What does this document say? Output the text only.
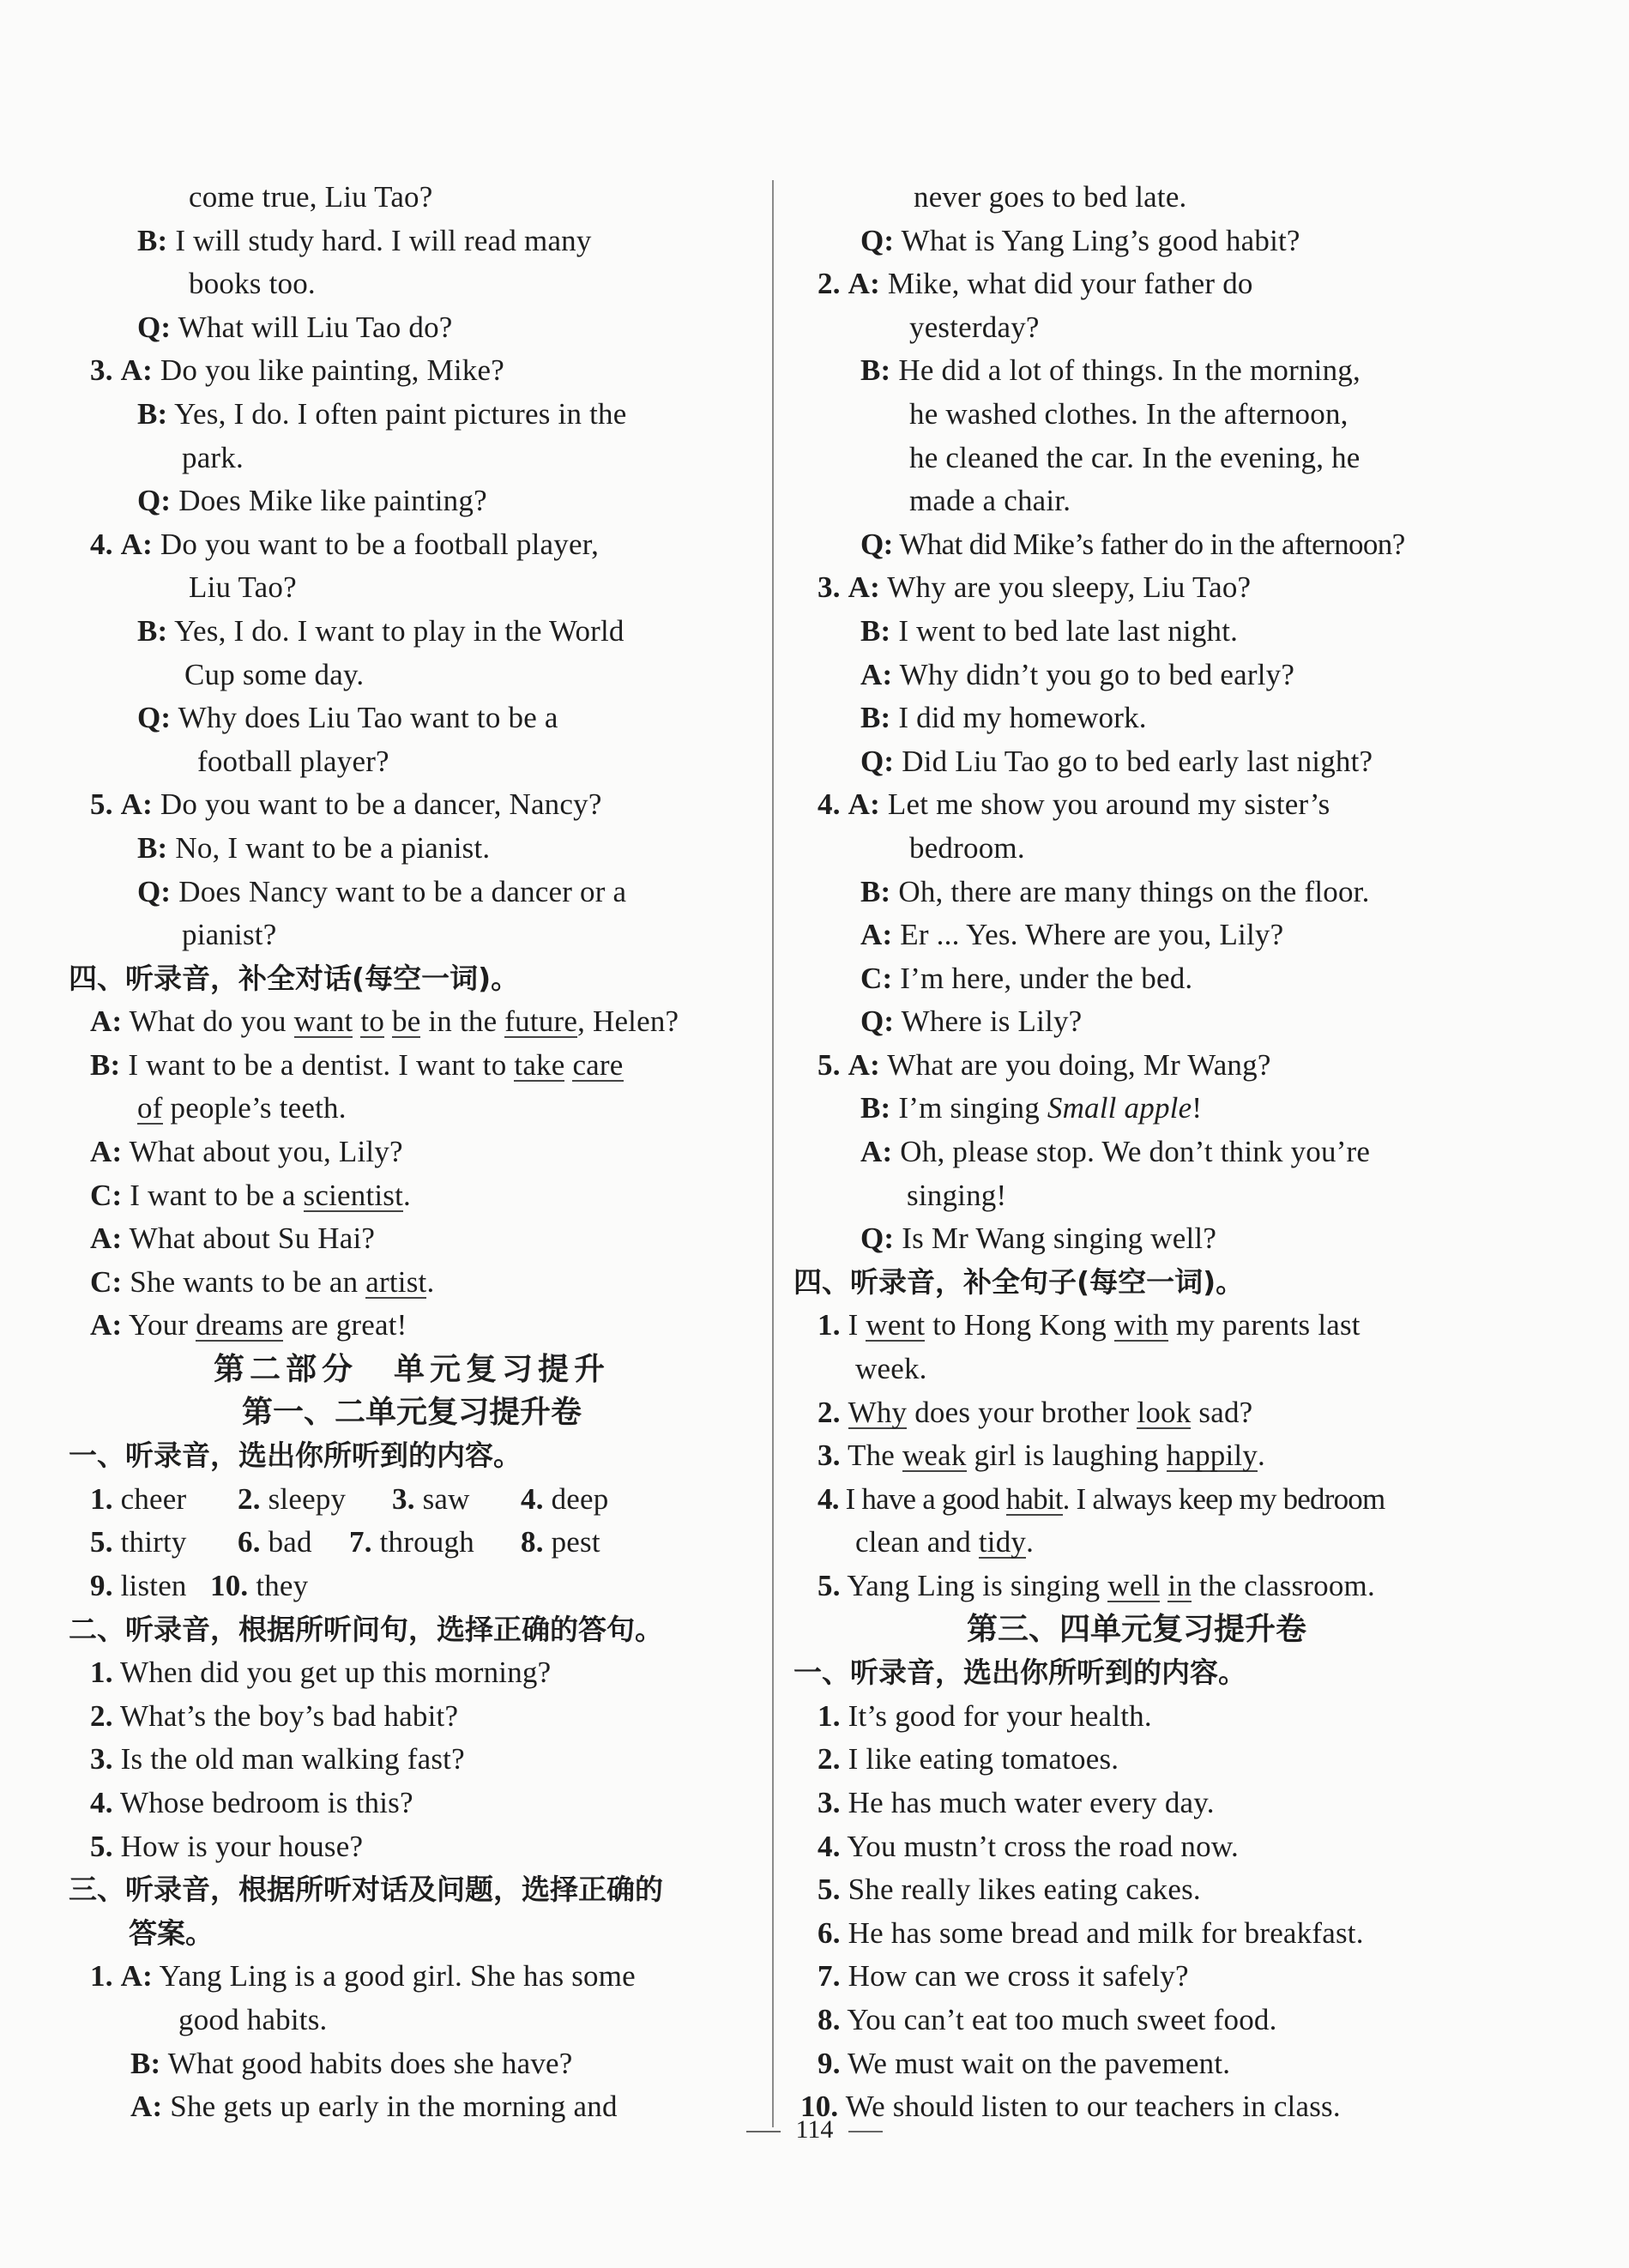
come true, Liu Tao?
B: I will study hard. I will read many
books too.
Q: What will Liu Tao do?
3. A: Do you like painting, Mike?
B: Yes, I do. I often paint pictures in the
park.
Q: Does Mike like painting?
4. A: Do you want to be a football player,
Liu Tao?
B: Yes, I do. I want to play in the World
Cup some day.
Q: Why does Liu Tao want to be a
football player?
5. A: Do you want to be a dancer, Nancy?
B: No, I want to be a pianist.
Q: Does Nancy want to be a dancer or a
pianist?
四、听录音，补全对话(每空一词)。
A: What do you want to be in the future, Helen?
B: I want to be a dentist. I want to take care
of people’s teeth.
A: What about you, Lily?
C: I want to be a scientist.
A: What about Su Hai?
C: She wants to be an artist.
A: Your dreams are great!
第二部分　单元复习提升
第一、二单元复习提升卷
一、听录音，选出你所听到的内容。
1. cheer 2. sleepy 3. saw 4. deep
5. thirty 6. bad 7. through 8. pest
9. listen 10. they
二、听录音，根据所听问句，选择正确的答句。
1. When did you get up this morning?
2. What’s the boy’s bad habit?
3. Is the old man walking fast?
4. Whose bedroom is this?
5. How is your house?
三、听录音，根据所听对话及问题，选择正确的
答案。
1. A: Yang Ling is a good girl. She has some
good habits.
B: What good habits does she have?
A: She gets up early in the morning and
never goes to bed late.
Q: What is Yang Ling’s good habit?
2. A: Mike, what did your father do
yesterday?
B: He did a lot of things. In the morning,
he washed clothes. In the afternoon,
he cleaned the car. In the evening, he
made a chair.
Q: What did Mike’s father do in the afternoon?
3. A: Why are you sleepy, Liu Tao?
B: I went to bed late last night.
A: Why didn’t you go to bed early?
B: I did my homework.
Q: Did Liu Tao go to bed early last night?
4. A: Let me show you around my sister’s
bedroom.
B: Oh, there are many things on the floor.
A: Er ... Yes. Where are you, Lily?
C: I’m here, under the bed.
Q: Where is Lily?
5. A: What are you doing, Mr Wang?
B: I’m singing Small apple!
A: Oh, please stop. We don’t think you’re
singing!
Q: Is Mr Wang singing well?
四、听录音，补全句子(每空一词)。
1. I went to Hong Kong with my parents last
week.
2. Why does your brother look sad?
3. The weak girl is laughing happily.
4. I have a good habit. I always keep my bedroom
clean and tidy.
5. Yang Ling is singing well in the classroom.
第三、四单元复习提升卷
一、听录音，选出你所听到的内容。
1. It’s good for your health.
2. I like eating tomatoes.
3. He has much water every day.
4. You mustn’t cross the road now.
5. She really likes eating cakes.
6. He has some bread and milk for breakfast.
7. How can we cross it safely?
8. You can’t eat too much sweet food.
9. We must wait on the pavement.
10. We should listen to our teachers in class.
114
